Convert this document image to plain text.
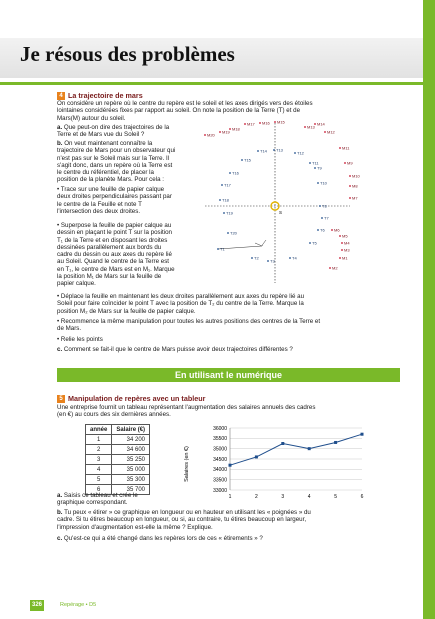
Je résous des problèmes
4 La trajectoire de mars
On considère un repère où le centre du repère est le soleil et les axes dirigés vers des étoiles
lointaines considérées fixes par rapport au soleil. On note la position de la Terre (T) et de
Mars(M) autour du soleil.
a. Que peut-on dire des trajectoires de la
Terre et de Mars vue du Soleil ?
b. On veut maintenant connaître la
trajectoire de Mars pour un observateur qui
n'est pas sur le Soleil mais sur la Terre. Il
s'agit donc, dans un repère où la Terre est
le centre du référentiel, de placer la
position de la planète Mars. Pour cela :
• Trace sur une feuille de papier calque
deux droites perpendiculaires passant par
le centre de la Feuille et note T
l'intersection des deux droites.
• Superpose la feuille de papier calque au
dessin en plaçant le point T sur la position
T₁ de la Terre et en disposant les droites
dessinées parallèlement aux bords du
cadre du dessin ou aux axes du repère lié
au Soleil. Quand le centre de la Terre est
en T₁, le centre de Mars est en M₁. Marque
la position M₁ de Mars sur la feuille de
papier calque.
S
M1
M2
M3
M4
M5
M6
M7
M8
M9
M10
M11
M12
M13
M14
M15
M16
M17
M18
M19
M20
T1
T2
T3
T4
T5
T6
T7
T8
T9
T10
T11
T12
T13
T14
T15
T16
T17
T18
T19
T20
• Déplace la feuille en maintenant les deux droites parallèlement aux axes du repère lié au
Soleil pour faire coïncider le point T avec la position de T₂ du centre de la Terre. Marque la
position M₂ de Mars sur la feuille de papier calque.
• Recommence la même manipulation pour toutes les autres positions des centres de la Terre et
de Mars.
• Relie les points
c. Comment se fait-il que le centre de Mars puisse avoir deux trajectoires différentes ?
En utilisant le numérique
5 Manipulation de repères avec un tableur
Une entreprise fournit un tableau représentant l'augmentation des salaires annuels des cadres
(en €) au cours des six dernières années.
année	Salaire (€)
1	34 200
2	34 600
3	35 250
4	35 000
5	35 300
6	35 700
a. Saisis ce tableau et crée le
graphique correspondant.
36000
35500
35000
34500
34000
33500
33000
1	2	3	4	5	6
Salaires (en €)
b. Tu peux « étirer » ce graphique en longueur ou en hauteur en utilisant les « poignées » du
cadre. Si tu étires beaucoup en longueur, ou si, au contraire, tu étires beaucoup en largeur,
l'impression d'augmentation est-elle la même ? Explique.
c. Qu'est-ce qui a été changé dans les repères lors de ces « étirements » ?
326	Repérage • D5
